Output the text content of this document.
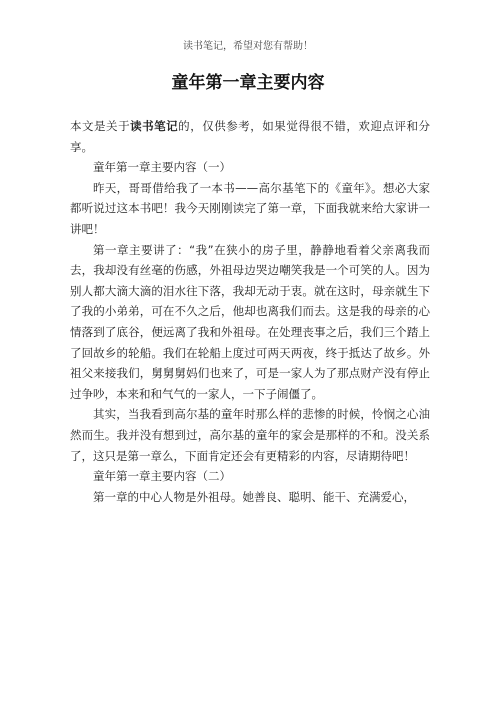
读书笔记，希望对您有帮助！
童年第一章主要内容

本文是关于读书笔记的，仅供参考，如果觉得很不错，欢迎点评和分享。

童年第一章主要内容（一）

昨天，哥哥借给我了一本书——高尔基笔下的《童年》。想必大家都听说过这本书吧！我今天刚刚读完了第一章，下面我就来给大家讲一讲吧！

第一章主要讲了：“我”在狭小的房子里，静静地看着父亲离我而去，我却没有丝毫的伤感，外祖母边哭边嘲笑我是一个可笑的人。因为别人都大滴大滴的泪水往下落，我却无动于衷。就在这时，母亲就生下了我的小弟弟，可在不久之后，他却也离我们而去。这是我的母亲的心情落到了底谷，便远离了我和外祖母。在处理丧事之后，我们三个踏上了回故乡的轮船。我们在轮船上度过可两天两夜，终于抵达了故乡。外祖父来接我们，舅舅舅妈们也来了，可是一家人为了那点财产没有停止过争吵，本来和和气气的一家人，一下子闹僵了。

其实，当我看到高尔基的童年时那么样的悲惨的时候，怜悯之心油然而生。我并没有想到过，高尔基的童年的家会是那样的不和。没关系了，这只是第一章么，下面肯定还会有更精彩的内容，尽请期待吧！

童年第一章主要内容（二）

第一章的中心人物是外祖母。她善良、聪明、能干、充满爱心，
